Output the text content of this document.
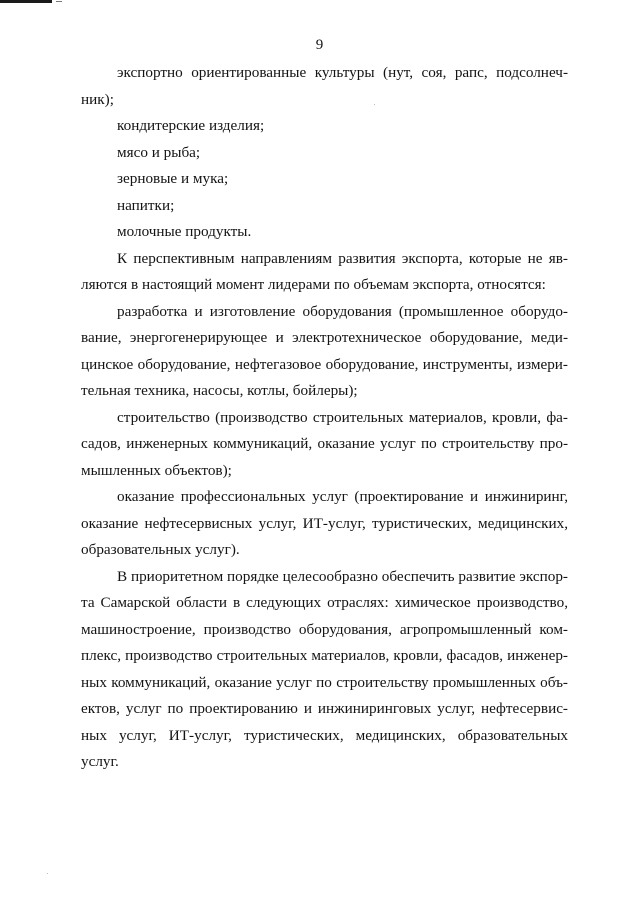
9

экспортно ориентированные культуры (нут, соя, рапс, подсолнеч-

ник);

кондитерские изделия;

мясо и рыба;

зерновые и мука;

напитки;

молочные продукты.

К перспективным направлениям развития экспорта, которые не яв-

ляются в настоящий момент лидерами по объемам экспорта, относятся:

разработка и изготовление оборудования (промышленное оборудо-

вание, энергогенерирующее и электротехническое оборудование, меди-

цинское оборудование, нефтегазовое оборудование, инструменты, измери-

тельная техника, насосы, котлы, бойлеры);

строительство (производство строительных материалов, кровли, фа-

садов, инженерных коммуникаций, оказание услуг по строительству про-

мышленных объектов);

оказание профессиональных услуг (проектирование и инжиниринг,

оказание нефтесервисных услуг, ИТ-услуг, туристических, медицинских,

образовательных услуг).

В приоритетном порядке целесообразно обеспечить развитие экспор-

та Самарской области в следующих отраслях: химическое производство,

машиностроение, производство оборудования, агропромышленный ком-

плекс, производство строительных материалов, кровли, фасадов, инженер-

ных коммуникаций, оказание услуг по строительству промышленных объ-

ектов, услуг по проектированию и инжиниринговых услуг, нефтесервис-

ных услуг, ИТ-услуг, туристических, медицинских, образовательных

услуг.
